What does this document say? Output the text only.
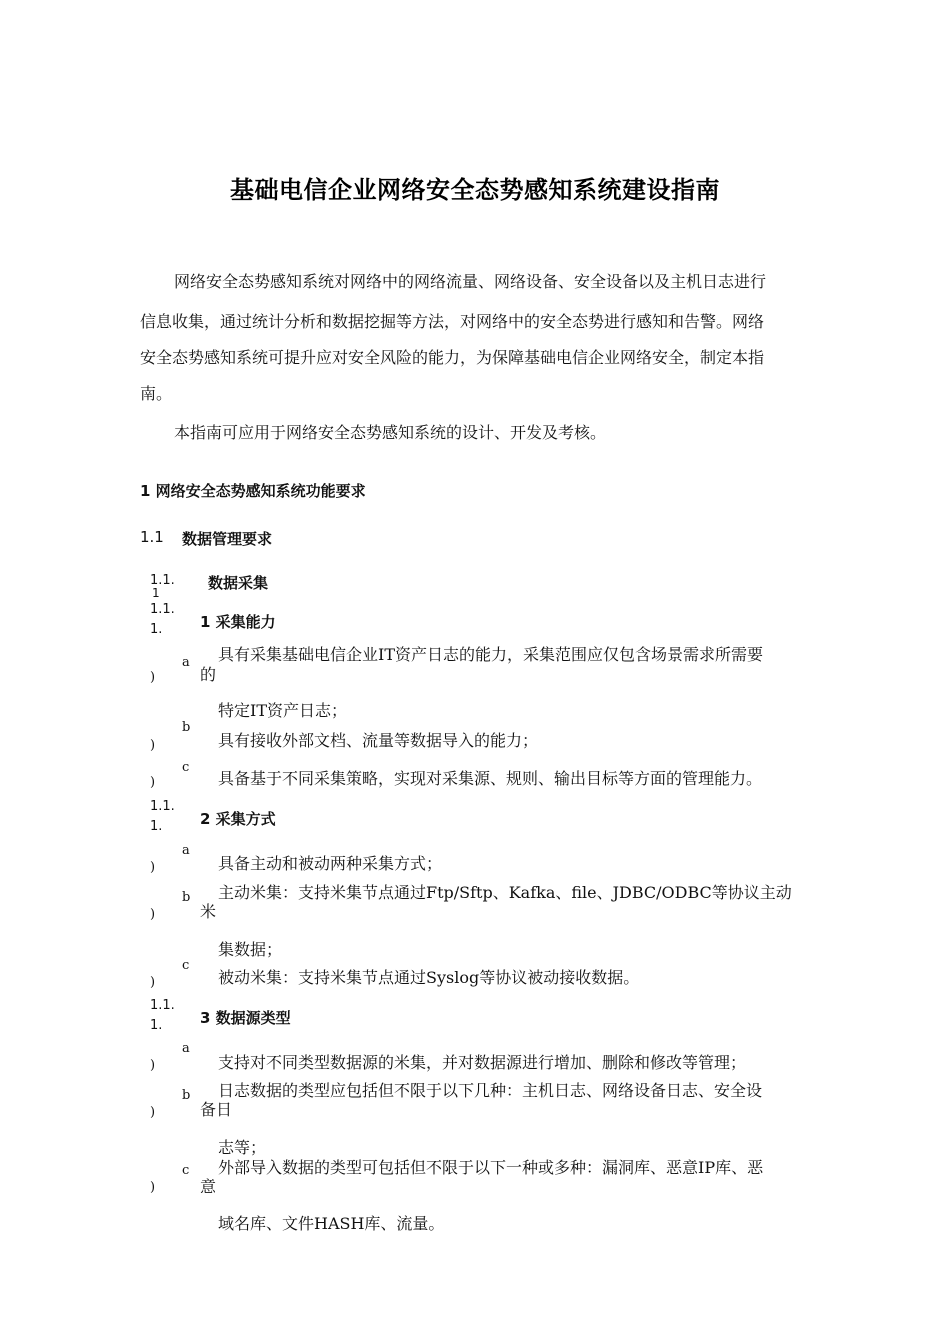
基础电信企业网络安全态势感知系统建设指南
网络安全态势感知系统对网络中的网络流量、网络设备、安全设备以及主机日志进行
信息收集，通过统计分析和数据挖掘等方法，对网络中的安全态势进行感知和告警。网络
安全态势感知系统可提升应对安全风险的能力，为保障基础电信企业网络安全，制定本指
南。
本指南可应用于网络安全态势感知系统的设计、开发及考核。
1 网络安全态势感知系统功能要求
1.1 数据管理要求
1.1.
1
数据采集
1.1.
1.	1 采集能力
a
)
具有采集基础电信企业IT资产日志的能力，采集范围应仅包含场景需求所需要
的
特定IT资产日志；
b
)	具有接收外部文档、流量等数据导入的能力；
c
)	具备基于不同采集策略，实现对采集源、规则、输出目标等方面的管理能力。
1.1.
1.	2 采集方式
a
)	具备主动和被动两种采集方式；
b
)
主动米集：支持米集节点通过Ftp/Sftp、Kafka、file、JDBC/ODBC等协议主动
米
集数据；
c
)	被动米集：支持米集节点通过Syslog等协议被动接收数据。
1.1.
1.	3 数据源类型
a
)	支持对不同类型数据源的米集，并对数据源进行增加、删除和修改等管理；
b
)
日志数据的类型应包括但不限于以下几种：主机日志、网络设备日志、安全设
备日
志等；
c
)
外部导入数据的类型可包括但不限于以下一种或多种：漏洞库、恶意IP库、恶
意
域名库、文件HASH库、流量。
